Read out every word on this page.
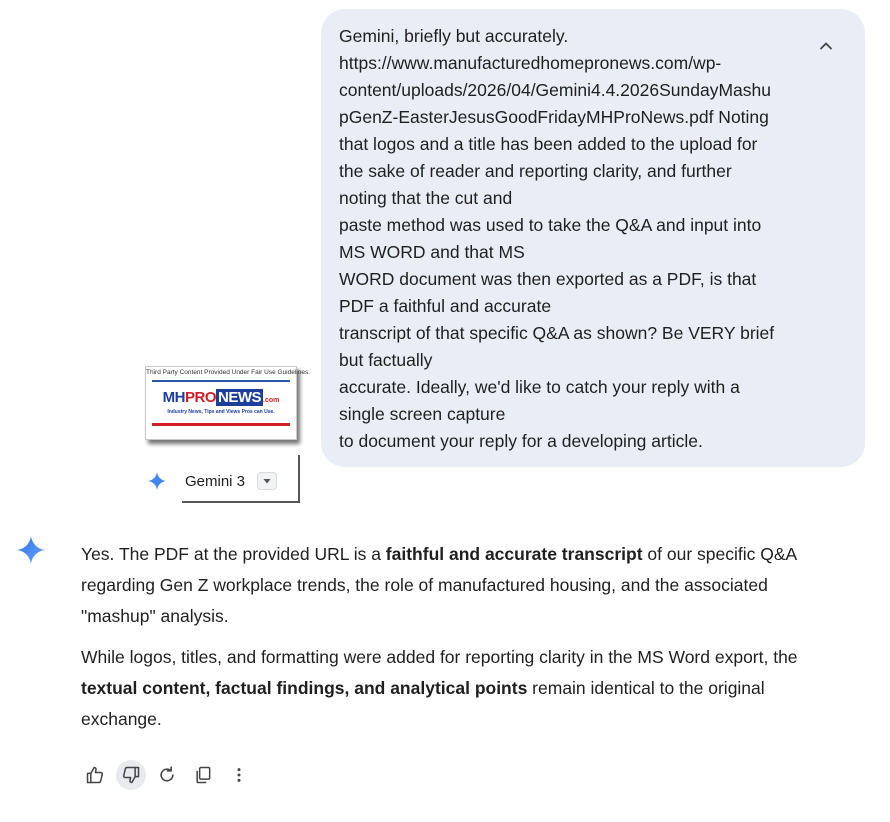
Gemini, briefly but accurately.
https://www.manufacturedhomepronews.com/wp-
content/uploads/2026/04/Gemini4.4.2026SundayMashu
pGenZ-EasterJesusGoodFridayMHProNews.pdf Noting
that logos and a title has been added to the upload for
the sake of reader and reporting clarity, and further
noting that the cut and
paste method was used to take the Q&A and input into
MS WORD and that MS
WORD document was then exported as a PDF, is that
PDF a faithful and accurate
transcript of that specific Q&A as shown? Be VERY brief
but factually
accurate. Ideally, we'd like to catch your reply with a
single screen capture
to document your reply for a developing article.
Third Party Content Provided Under Fair Use Guidelines.
MHPRO NEWS .com
Industry News, Tips and Views Pros can Use.
Gemini 3
Yes. The PDF at the provided URL is a faithful and accurate transcript of our specific Q&A
regarding Gen Z workplace trends, the role of manufactured housing, and the associated
"mashup" analysis.
While logos, titles, and formatting were added for reporting clarity in the MS Word export, the
textual content, factual findings, and analytical points remain identical to the original
exchange.
